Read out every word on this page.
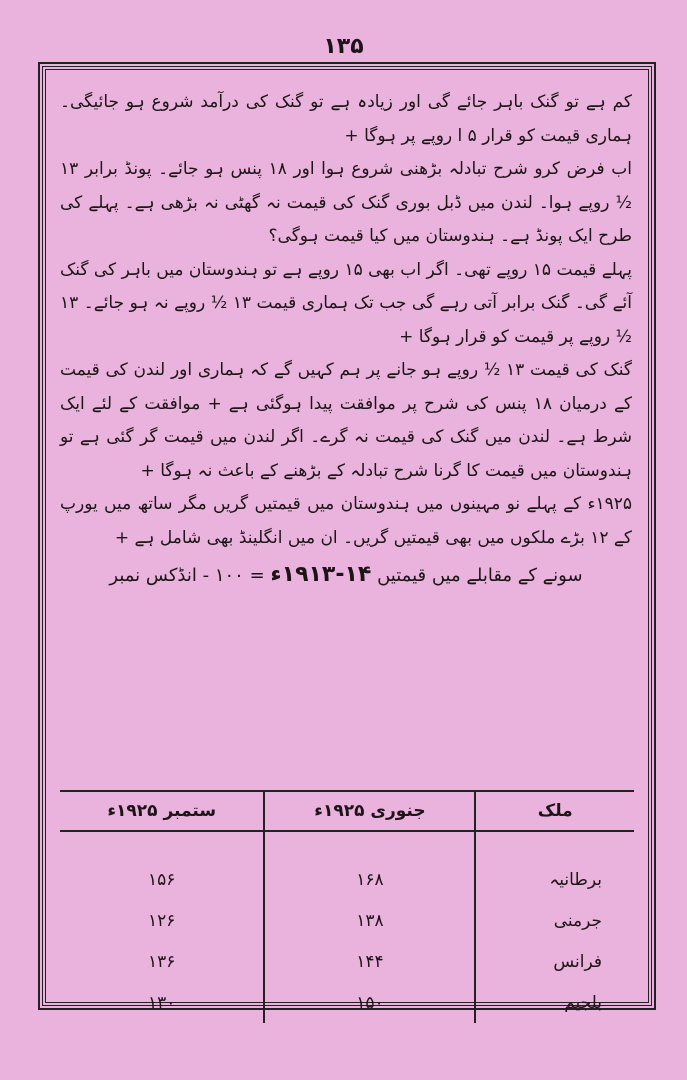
۱۳۵

کم ہے تو گنک باہر جائے گی اور زیادہ ہے تو گنک کی درآمد شروع ہو جائیگی۔ ہماری قیمت کو قرار ۵ ا روپے پر ہوگا +

اب فرض کرو شرح تبادلہ بڑھنی شروع ہوا اور ۱۸ پنس ہو جائے۔ پونڈ برابر ۱۳ ½ روپے ہوا۔ لندن میں ڈبل بوری گنک کی قیمت نہ گھٹی نہ بڑھی ہے۔ پہلے کی طرح ایک پونڈ ہے۔ ہندوستان میں کیا قیمت ہوگی؟

پہلے قیمت ۱۵ روپے تھی۔ اگر اب بھی ۱۵ روپے ہے تو ہندوستان میں باہر کی گنک آئے گی۔ گنک برابر آتی رہے گی جب تک ہماری قیمت ۱۳ ½ روپے نہ ہو جائے۔ ۱۳ ½ روپے پر قیمت کو قرار ہوگا +

گنک کی قیمت ۱۳ ½ روپے ہو جانے پر ہم کہیں گے کہ ہماری اور لندن کی قیمت کے درمیان ۱۸ پنس کی شرح پر موافقت پیدا ہوگئی ہے + موافقت کے لئے ایک شرط ہے۔ لندن میں گنک کی قیمت نہ گرے۔ اگر لندن میں قیمت گر گئی ہے تو ہندوستان میں قیمت کا گرنا شرح تبادلہ کے بڑھنے کے باعث نہ ہوگا +

۱۹۲۵ء کے پہلے نو مہینوں میں ہندوستان میں قیمتیں گریں مگر ساتھ میں یورپ کے ۱۲ بڑے ملکوں میں بھی قیمتیں گریں۔ ان میں انگلینڈ بھی شامل ہے +

سونے کے مقابلے میں قیمتیں ۱۴-۱۹۱۳ء = ۱۰۰ - انڈکس نمبر
ملک	جنوری ۱۹۲۵ء	ستمبر ۱۹۲۵ء
برطانیہ	۱۶۸	۱۵۶
جرمنی	۱۳۸	۱۲۶
فرانس	۱۴۴	۱۳۶
بلجیم	۱۵۰	۱۳۰
